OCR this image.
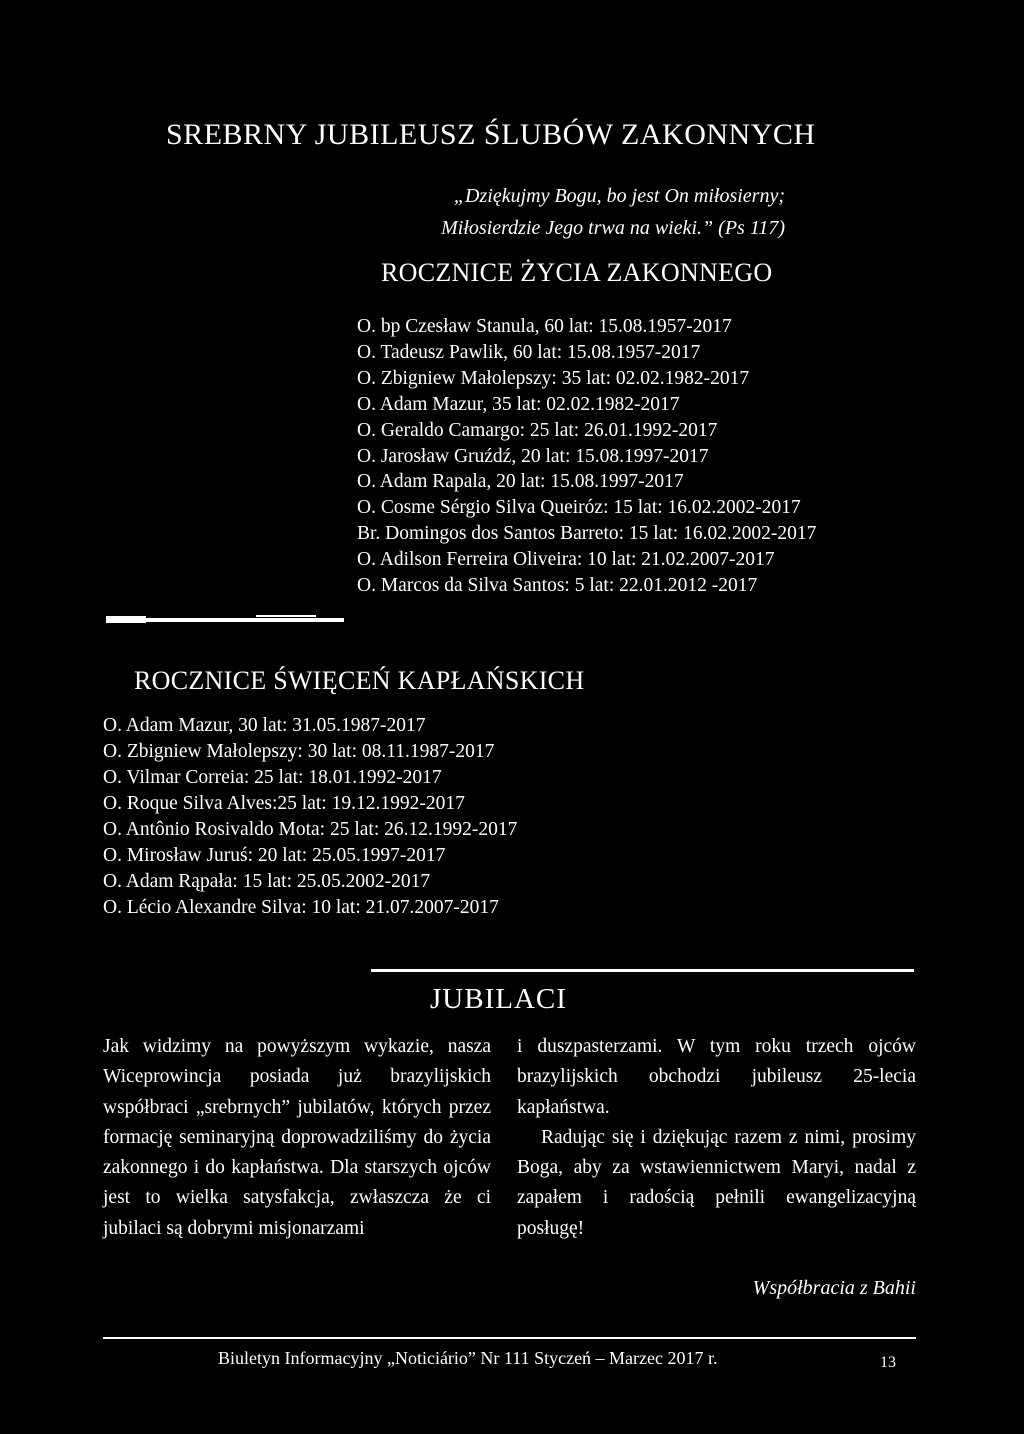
SREBRNY JUBILEUSZ ŚLUBÓW ZAKONNYCH
„Dziękujmy Bogu, bo jest On miłosierny;
Miłosierdzie Jego trwa na wieki.” (Ps 117)
ROCZNICE ŻYCIA ZAKONNEGO
O. bp Czesław Stanula, 60 lat: 15.08.1957-2017
O. Tadeusz Pawlik, 60 lat: 15.08.1957-2017
O. Zbigniew Małolepszy: 35 lat: 02.02.1982-2017
O. Adam Mazur, 35 lat: 02.02.1982-2017
O. Geraldo Camargo: 25 lat: 26.01.1992-2017
O. Jarosław Gruźdź, 20 lat: 15.08.1997-2017
O. Adam Rapala, 20 lat: 15.08.1997-2017
O. Cosme Sérgio Silva Queiróz: 15 lat: 16.02.2002-2017
Br. Domingos dos Santos Barreto: 15 lat: 16.02.2002-2017
O. Adilson Ferreira Oliveira: 10 lat: 21.02.2007-2017
O. Marcos da Silva Santos: 5 lat: 22.01.2012 -2017
ROCZNICE ŚWIĘCEŃ KAPŁAŃSKICH
O. Adam Mazur, 30 lat: 31.05.1987-2017
O. Zbigniew Małolepszy: 30 lat: 08.11.1987-2017
O. Vilmar Correia: 25 lat: 18.01.1992-2017
O. Roque Silva Alves:25 lat: 19.12.1992-2017
O. Antônio Rosivaldo Mota: 25 lat: 26.12.1992-2017
O. Mirosław Juruś: 20 lat: 25.05.1997-2017
O. Adam Rąpała: 15 lat: 25.05.2002-2017
O. Lécio Alexandre Silva: 10 lat: 21.07.2007-2017
JUBILACI

Jak widzimy na powyższym wykazie, nasza Wiceprowincja posiada już brazylijskich współbraci „srebrnych” jubilatów, których przez formację seminaryjną doprowadziliśmy do życia zakonnego i do kapłaństwa. Dla starszych ojców jest to wielka satysfakcja, zwłaszcza że ci jubilaci są dobrymi misjonarzami

i duszpasterzami. W tym roku trzech ojców brazylijskich obchodzi jubileusz 25-lecia kapłaństwa.

Radując się i dziękując razem z nimi, prosimy Boga, aby za wstawiennictwem Maryi, nadal z zapałem i radością pełnili ewangelizacyjną posługę!

Współbracia z Bahii
Biuletyn Informacyjny „Noticiário” Nr 111 Styczeń – Marzec 2017 r.	13
